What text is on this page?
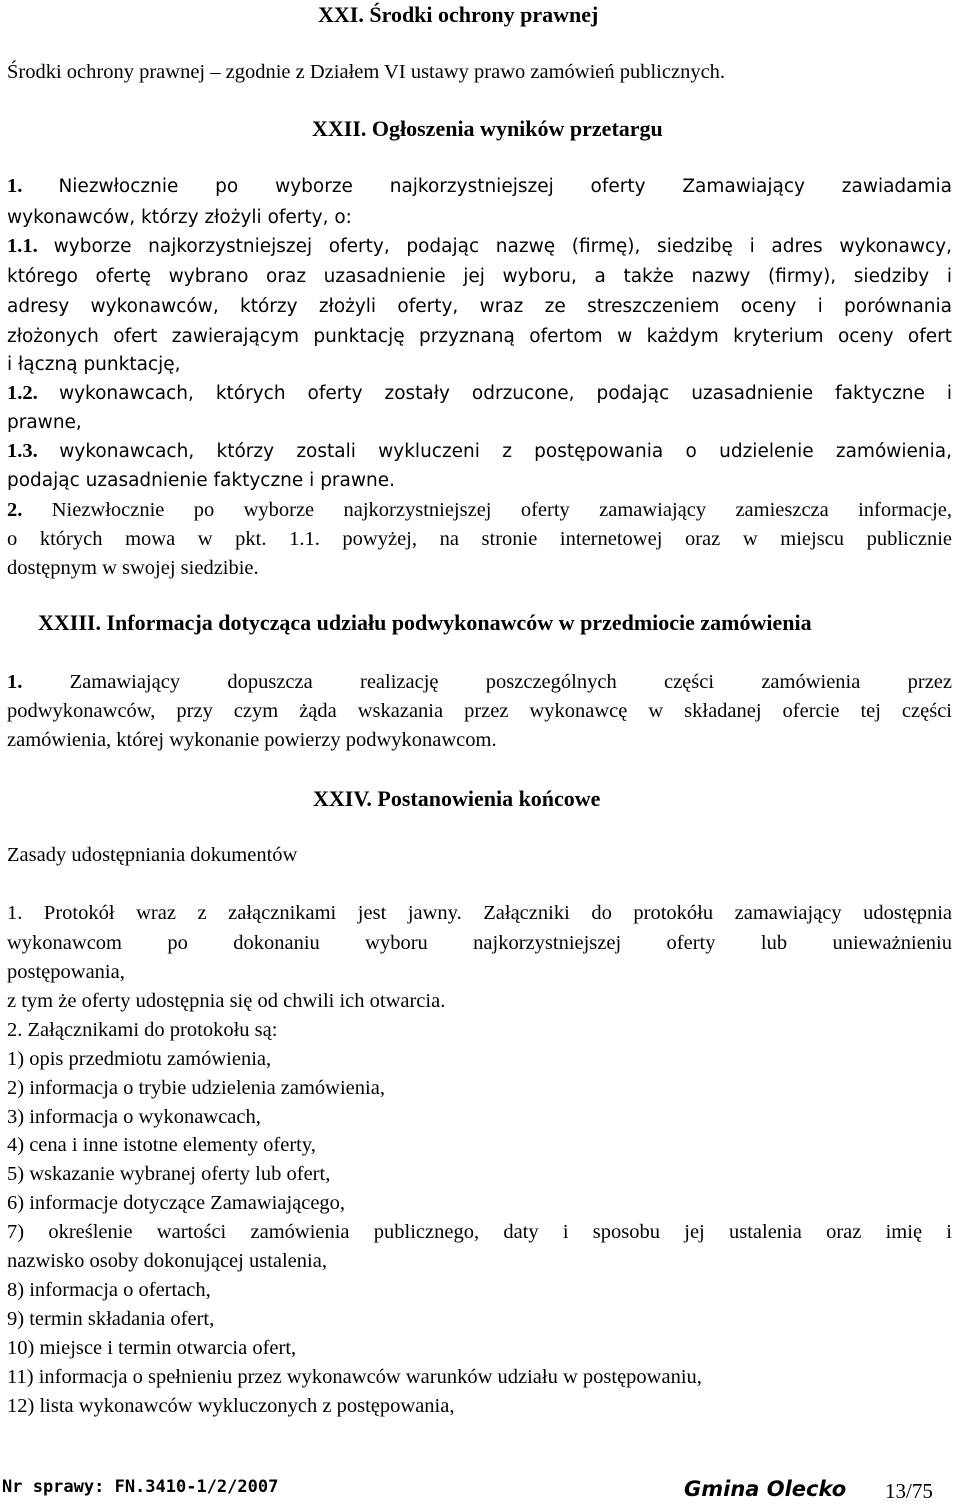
XXI. Środki ochrony prawnej

Środki ochrony prawnej – zgodnie z Działem VI ustawy prawo zamówień publicznych.

XXII. Ogłoszenia wyników przetargu

1. Niezwłocznie po wyborze najkorzystniejszej oferty Zamawiający zawiadamia

wykonawców, którzy złożyli oferty, o:

1.1. wyborze najkorzystniejszej oferty, podając nazwę (firmę), siedzibę i adres wykonawcy,

którego ofertę wybrano oraz uzasadnienie jej wyboru, a także nazwy (firmy), siedziby i

adresy wykonawców, którzy złożyli oferty, wraz ze streszczeniem oceny i porównania

złożonych ofert zawierającym punktację przyznaną ofertom w każdym kryterium oceny ofert

i łączną punktację,

1.2. wykonawcach, których oferty zostały odrzucone, podając uzasadnienie faktyczne i

prawne,

1.3. wykonawcach, którzy zostali wykluczeni z postępowania o udzielenie zamówienia,

podając uzasadnienie faktyczne i prawne.

2. Niezwłocznie po wyborze najkorzystniejszej oferty zamawiający zamieszcza informacje,

o których mowa w pkt. 1.1. powyżej, na stronie internetowej oraz w miejscu publicznie

dostępnym w swojej siedzibie.

XXIII. Informacja dotycząca udziału podwykonawców w przedmiocie zamówienia

1. Zamawiający dopuszcza realizację poszczególnych części zamówienia przez

podwykonawców, przy czym żąda wskazania przez wykonawcę w składanej ofercie tej części

zamówienia, której wykonanie powierzy podwykonawcom.

XXIV. Postanowienia końcowe

Zasady udostępniania dokumentów

1. Protokół wraz z załącznikami jest jawny. Załączniki do protokółu zamawiający udostępnia

wykonawcom po dokonaniu wyboru najkorzystniejszej oferty lub unieważnieniu

postępowania,

z tym że oferty udostępnia się od chwili ich otwarcia.

2. Załącznikami do protokołu są:

1) opis przedmiotu zamówienia,

2) informacja o trybie udzielenia zamówienia,

3) informacja o wykonawcach,

4) cena i inne istotne elementy oferty,

5) wskazanie wybranej oferty lub ofert,

6) informacje dotyczące Zamawiającego,

7) określenie wartości zamówienia publicznego, daty i sposobu jej ustalenia oraz imię i

nazwisko osoby dokonującej ustalenia,

8) informacja o ofertach,

9) termin składania ofert,

10) miejsce i termin otwarcia ofert,

11) informacja o spełnieniu przez wykonawców warunków udziału w postępowaniu,

12) lista wykonawców wykluczonych z postępowania,

Nr sprawy: FN.3410-1/2/2007	Gmina Olecko 13/75
